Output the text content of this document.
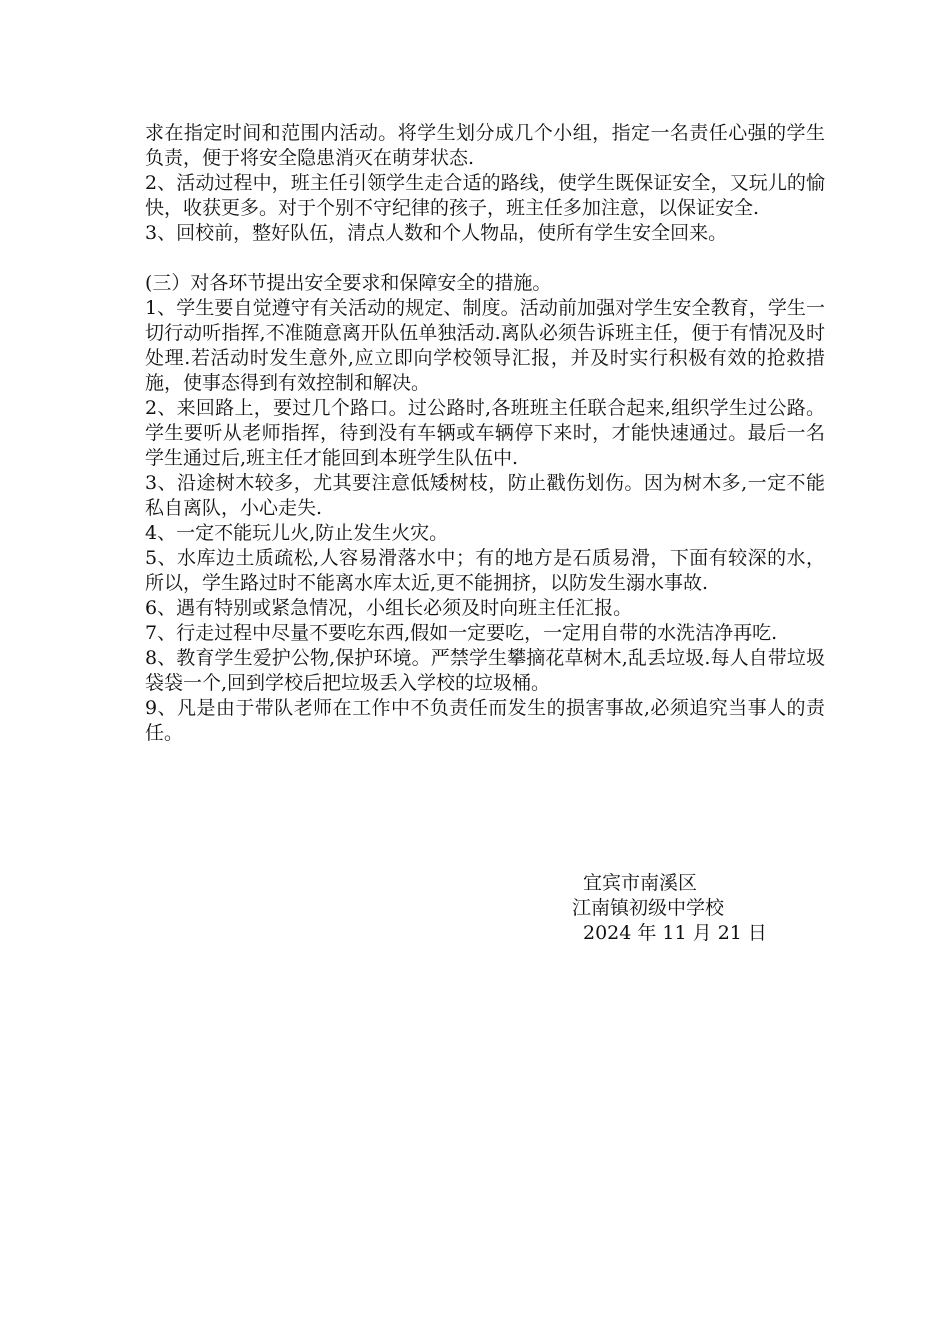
求在指定时间和范围内活动。将学生划分成几个小组，指定一名责任心强的学生负责，便于将安全隐患消灭在萌芽状态.

2、活动过程中，班主任引领学生走合适的路线，使学生既保证安全，又玩儿的愉快，收获更多。对于个别不守纪律的孩子，班主任多加注意，以保证安全.

3、回校前，整好队伍，清点人数和个人物品，使所有学生安全回来。

(三）对各环节提出安全要求和保障安全的措施。

1、学生要自觉遵守有关活动的规定、制度。活动前加强对学生安全教育，学生一切行动听指挥,不准随意离开队伍单独活动.离队必须告诉班主任，便于有情况及时处理.若活动时发生意外,应立即向学校领导汇报，并及时实行积极有效的抢救措施，使事态得到有效控制和解决。

2、来回路上，要过几个路口。过公路时,各班班主任联合起来,组织学生过公路。学生要听从老师指挥，待到没有车辆或车辆停下来时，才能快速通过。最后一名学生通过后,班主任才能回到本班学生队伍中.

3、沿途树木较多，尤其要注意低矮树枝，防止戳伤划伤。因为树木多,一定不能私自离队，小心走失.

4、一定不能玩儿火,防止发生火灾。

5、水库边土质疏松,人容易滑落水中；有的地方是石质易滑，下面有较深的水，所以，学生路过时不能离水库太近,更不能拥挤，以防发生溺水事故.

6、遇有特别或紧急情况，小组长必须及时向班主任汇报。

7、行走过程中尽量不要吃东西,假如一定要吃，一定用自带的水洗洁净再吃.

8、教育学生爱护公物,保护环境。严禁学生攀摘花草树木,乱丢垃圾.每人自带垃圾袋袋一个,回到学校后把垃圾丢入学校的垃圾桶。

9、凡是由于带队老师在工作中不负责任而发生的损害事故,必须追究当事人的责任。

宜宾市南溪区
江南镇初级中学校
2024 年 11 月 21 日
